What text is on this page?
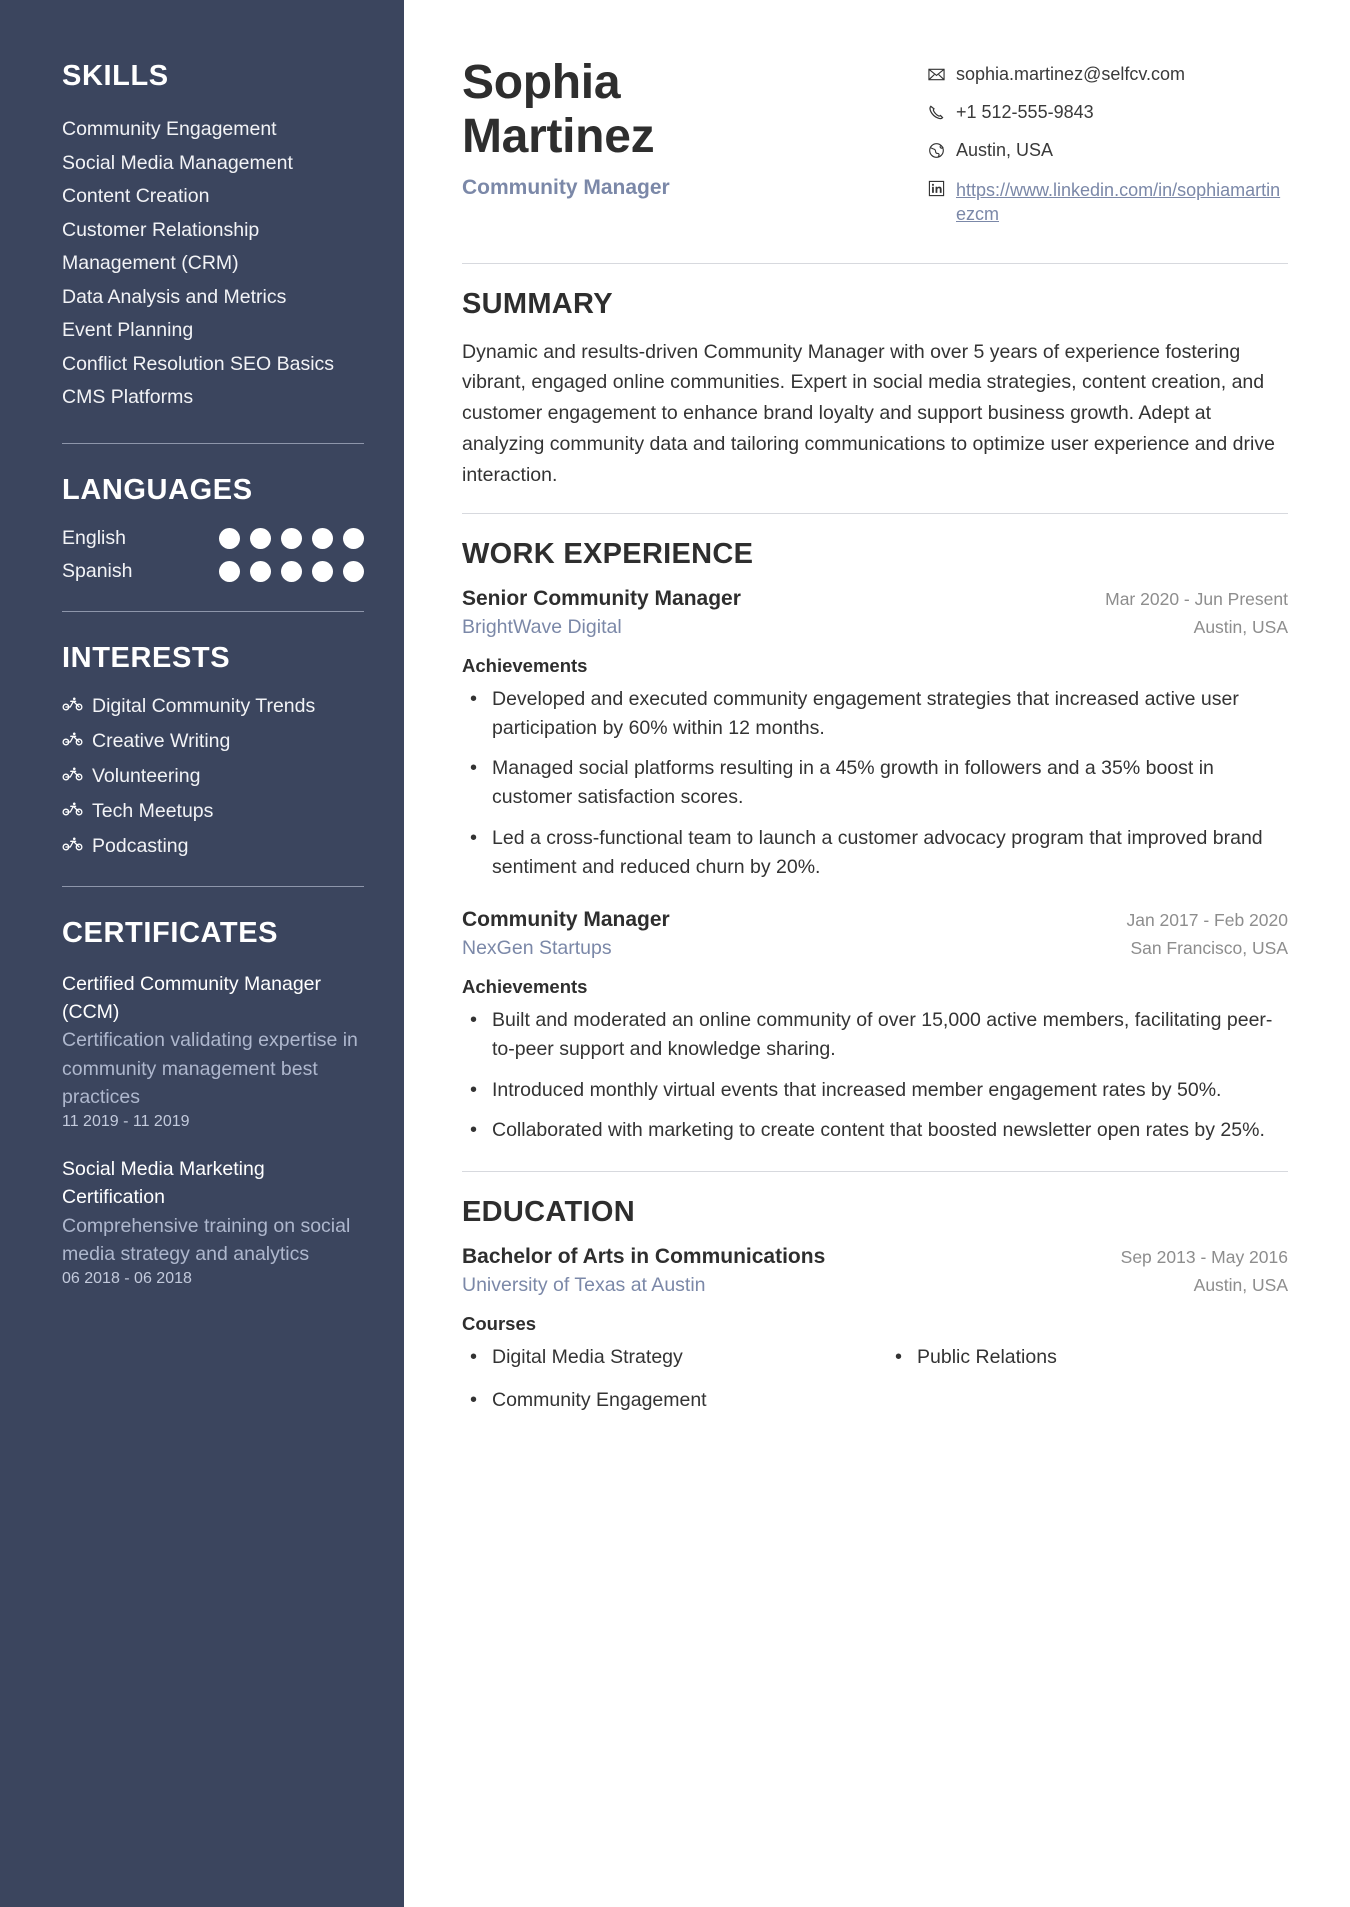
SKILLS
Community Engagement
Social Media Management
Content Creation
Customer Relationship Management (CRM)
Data Analysis and Metrics
Event Planning
Conflict Resolution SEO Basics
CMS Platforms
LANGUAGES
English
Spanish
INTERESTS
Digital Community Trends
Creative Writing
Volunteering
Tech Meetups
Podcasting
CERTIFICATES
Certified Community Manager (CCM)
Certification validating expertise in community management best practices
11 2019 - 11 2019
Social Media Marketing Certification
Comprehensive training on social media strategy and analytics
06 2018 - 06 2018
Sophia Martinez
Community Manager
sophia.martinez@selfcv.com
+1 512-555-9843
Austin, USA
https://www.linkedin.com/in/sophiamartinezcm
SUMMARY

Dynamic and results-driven Community Manager with over 5 years of experience fostering vibrant, engaged online communities. Expert in social media strategies, content creation, and customer engagement to enhance brand loyalty and support business growth. Adept at analyzing community data and tailoring communications to optimize user experience and drive interaction.

WORK EXPERIENCE
Senior Community Manager	Mar 2020 - Jun Present
BrightWave Digital	Austin, USA
Achievements
• Developed and executed community engagement strategies that increased active user participation by 60% within 12 months.
• Managed social platforms resulting in a 45% growth in followers and a 35% boost in customer satisfaction scores.
• Led a cross-functional team to launch a customer advocacy program that improved brand sentiment and reduced churn by 20%.
Community Manager	Jan 2017 - Feb 2020
NexGen Startups	San Francisco, USA
Achievements
• Built and moderated an online community of over 15,000 active members, facilitating peer-to-peer support and knowledge sharing.
• Introduced monthly virtual events that increased member engagement rates by 50%.
• Collaborated with marketing to create content that boosted newsletter open rates by 25%.
EDUCATION
Bachelor of Arts in Communications	Sep 2013 - May 2016
University of Texas at Austin	Austin, USA
Courses
• Digital Media Strategy	• Public Relations
• Community Engagement
